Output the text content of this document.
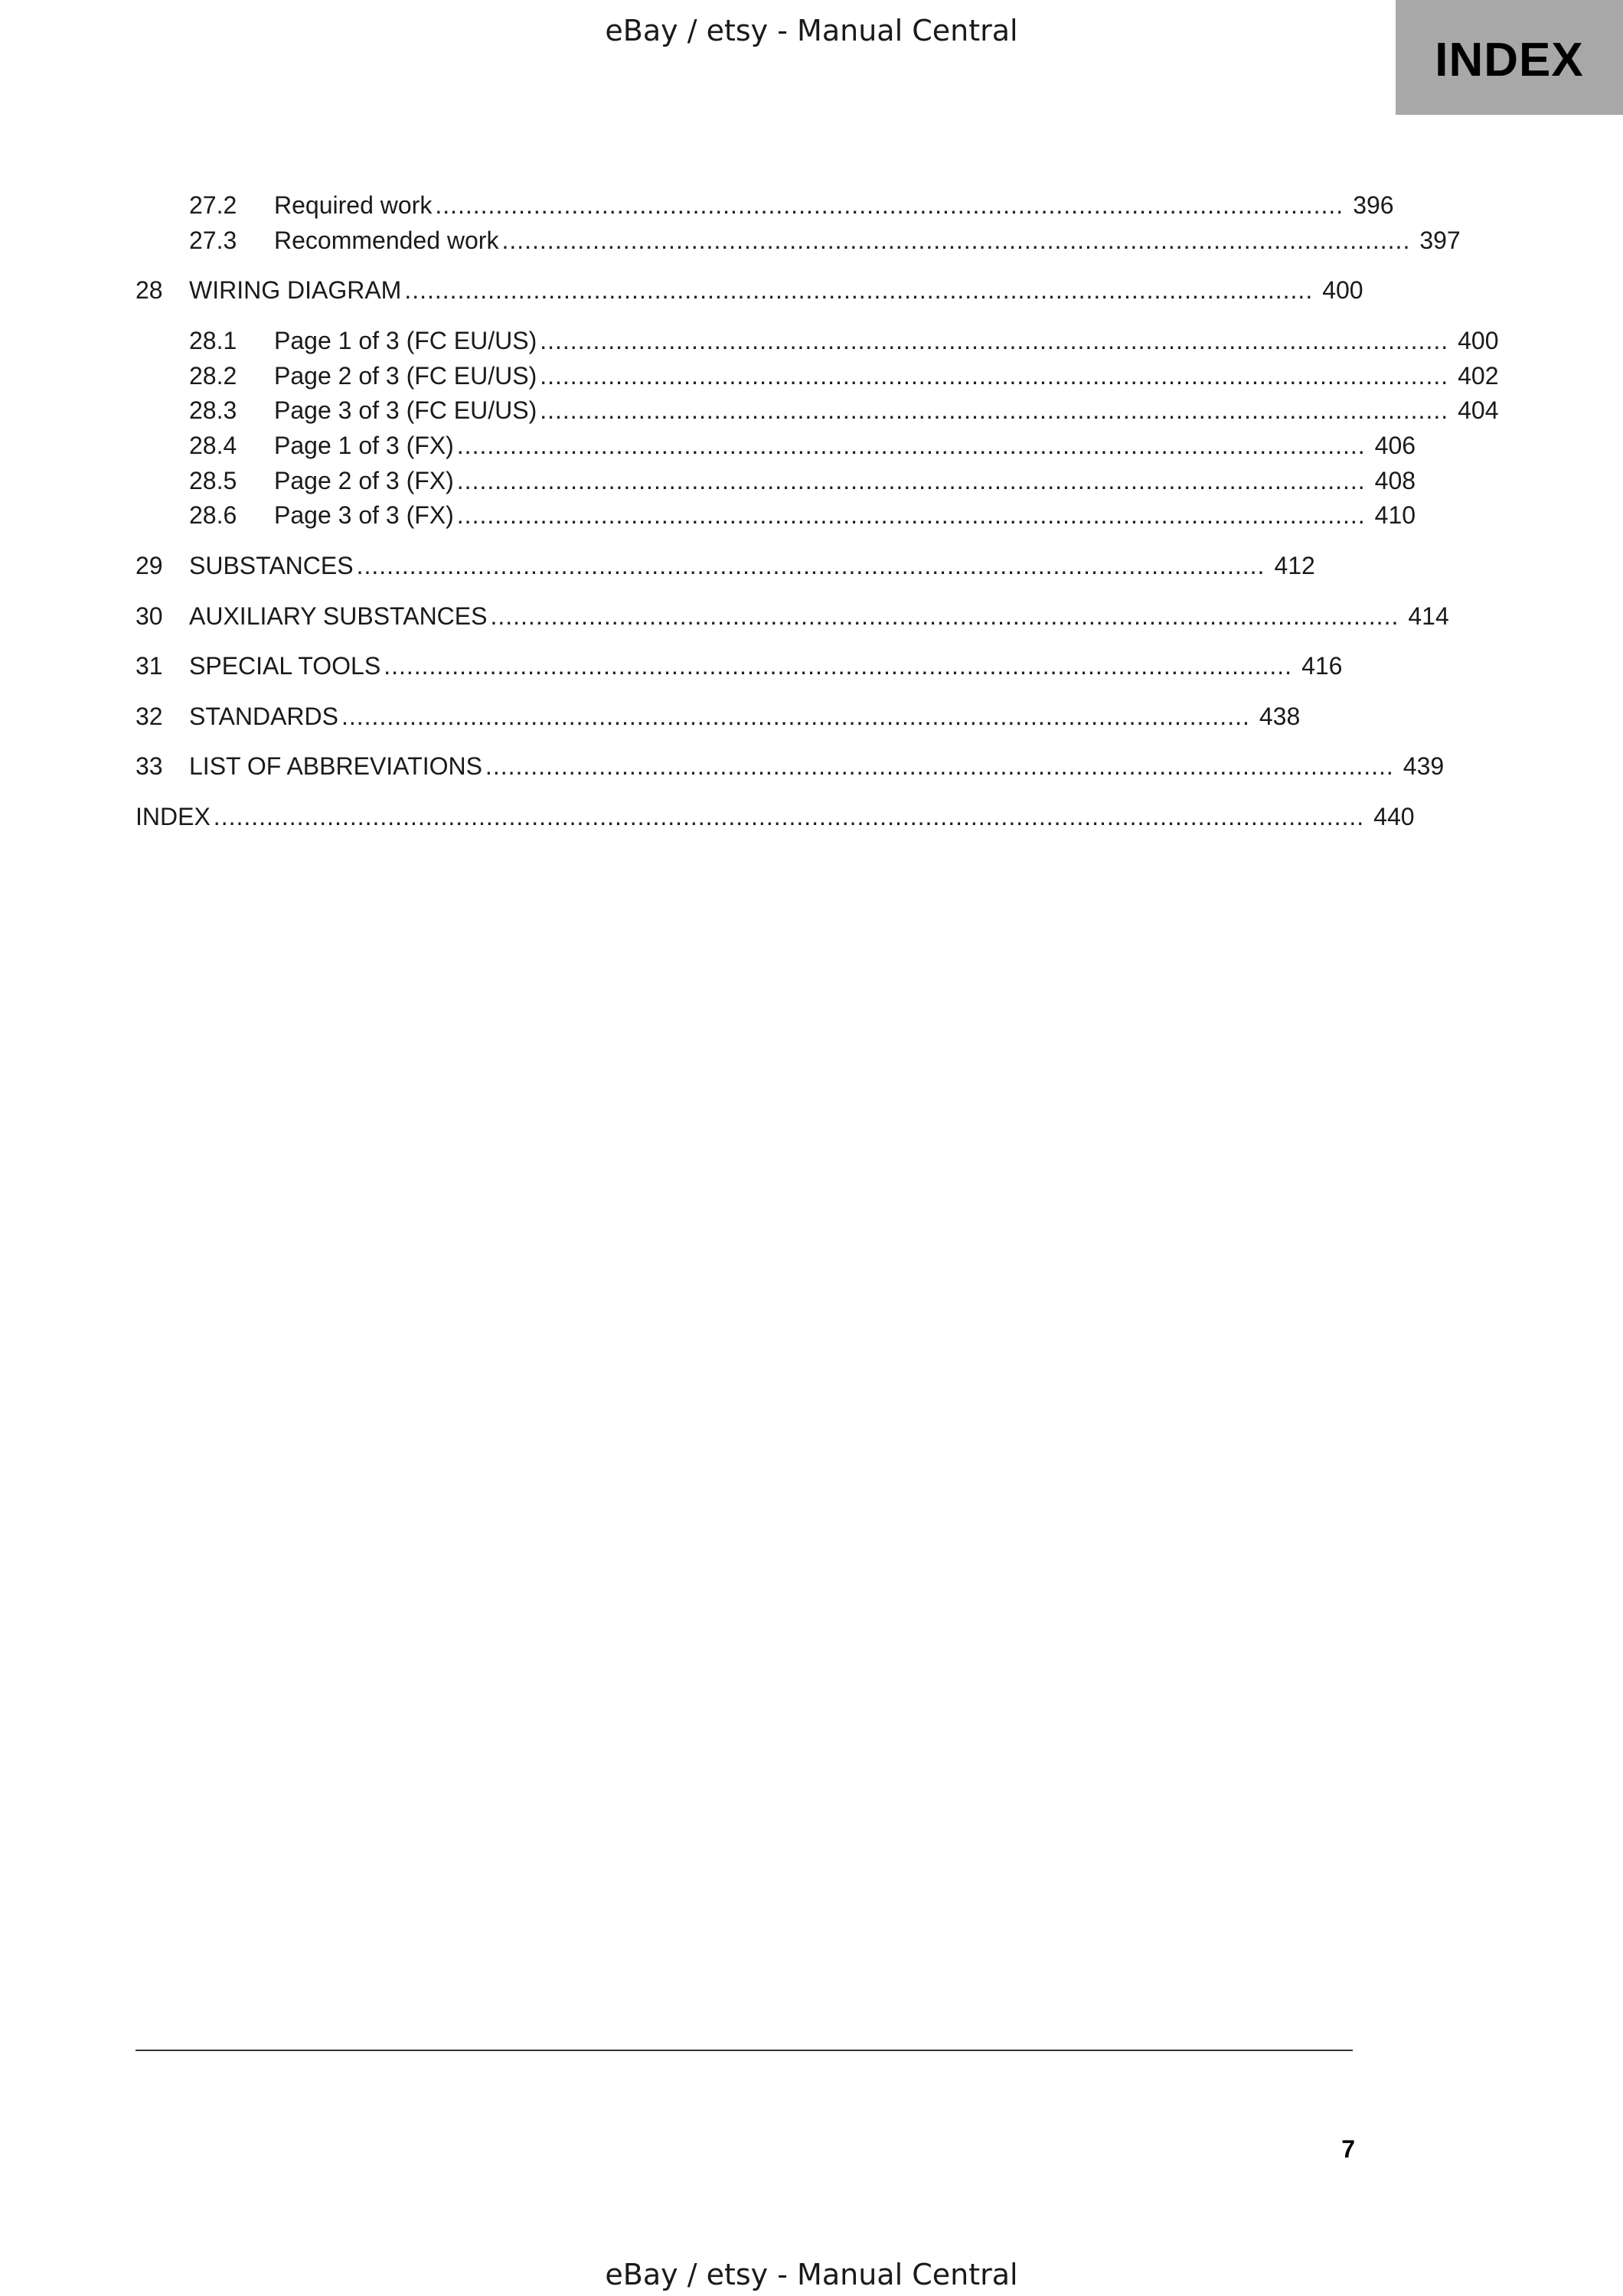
eBay / etsy - Manual Central
INDEX
27.2	Required work ........................................................................................................................ 396
27.3	Recommended work ........................................................................................................................ 397
28	WIRING DIAGRAM ........................................................................................................................ 400
28.1	Page 1 of 3 (FC EU/US) ........................................................................................................................ 400
28.2	Page 2 of 3 (FC EU/US) ........................................................................................................................ 402
28.3	Page 3 of 3 (FC EU/US) ........................................................................................................................ 404
28.4	Page 1 of 3 (FX) ........................................................................................................................ 406
28.5	Page 2 of 3 (FX) ........................................................................................................................ 408
28.6	Page 3 of 3 (FX) ........................................................................................................................ 410
29	SUBSTANCES ........................................................................................................................ 412
30	AUXILIARY SUBSTANCES ........................................................................................................................ 414
31	SPECIAL TOOLS ........................................................................................................................ 416
32	STANDARDS ........................................................................................................................ 438
33	LIST OF ABBREVIATIONS ........................................................................................................................ 439
INDEX ........................................................................................................................................................ 440
7
eBay / etsy - Manual Central
